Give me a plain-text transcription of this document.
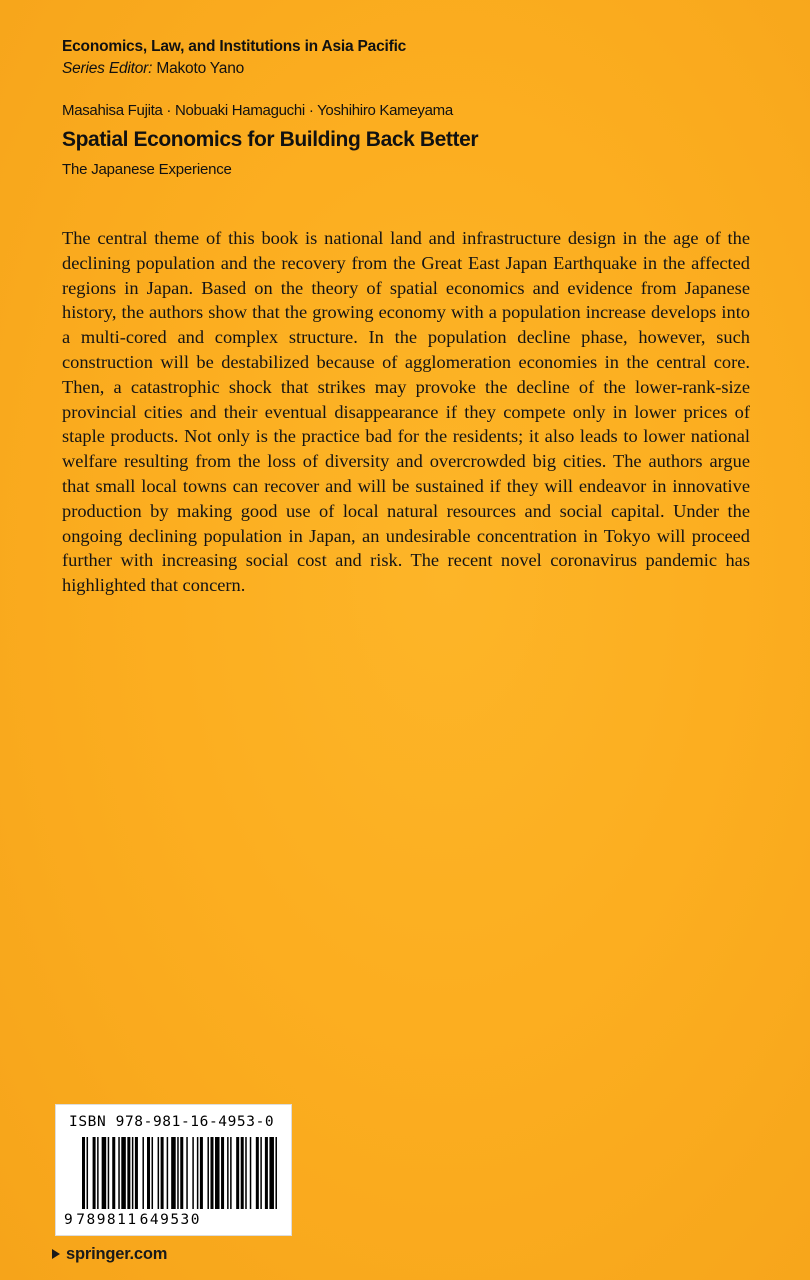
Economics, Law, and Institutions in Asia Pacific
Series Editor: Makoto Yano
Masahisa Fujita · Nobuaki Hamaguchi · Yoshihiro Kameyama
Spatial Economics for Building Back Better
The Japanese Experience

The central theme of this book is national land and infrastructure design in the age of the declining population and the recovery from the Great East Japan Earthquake in the affected regions in Japan. Based on the theory of spatial economics and evidence from Japanese history, the authors show that the growing economy with a population increase develops into a multi-cored and complex structure. In the population decline phase, however, such construction will be destabilized because of agglomeration economies in the central core. Then, a catastrophic shock that strikes may provoke the decline of the lower-rank-size provincial cities and their eventual disappearance if they compete only in lower prices of staple products. Not only is the practice bad for the residents; it also leads to lower national welfare resulting from the loss of diversity and overcrowded big cities. The authors argue that small local towns can recover and will be sustained if they will endeavor in innovative production by making good use of local natural resources and social capital. Under the ongoing declining population in Japan, an undesirable concentration in Tokyo will proceed further with increasing social cost and risk. The recent novel coronavirus pandemic has highlighted that concern.

ISBN 978-981-16-4953-0
9 789811 649530
springer.com
